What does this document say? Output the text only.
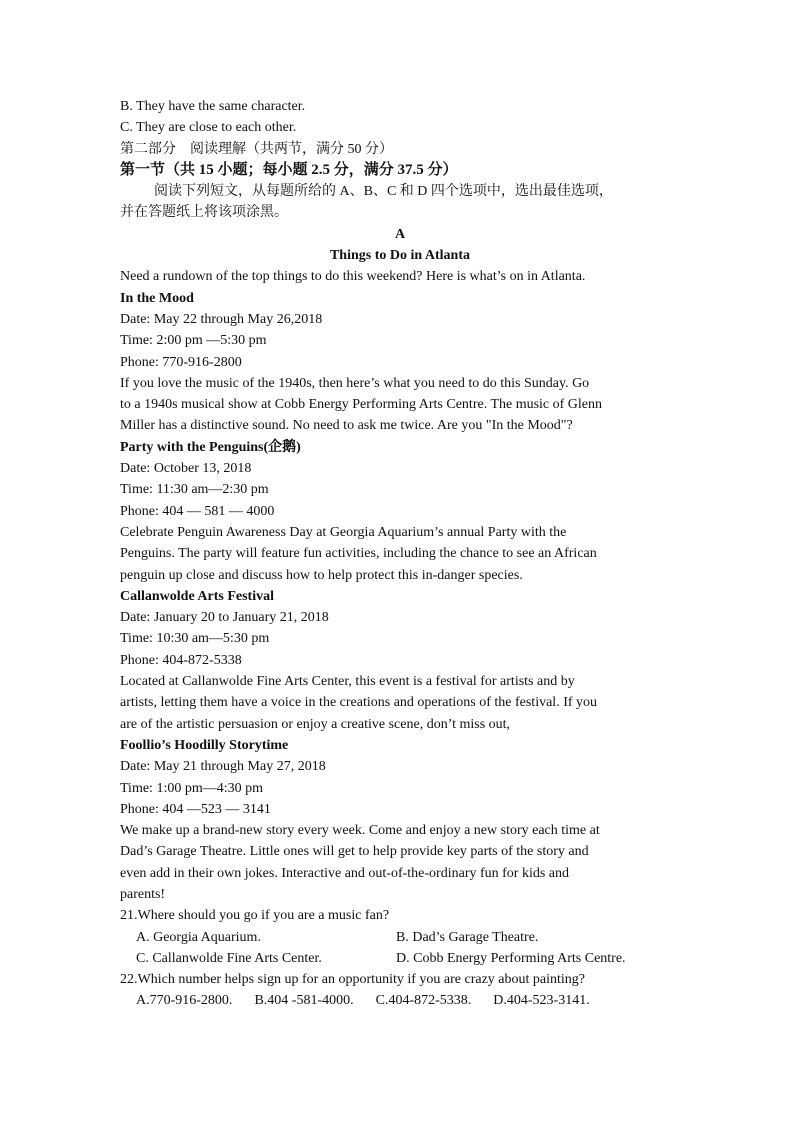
B. They have the same character.
C. They are close to each other.
第二部分　阅读理解（共两节，满分 50 分）
第一节（共 15 小题；每小题 2.5 分，满分 37.5 分）
阅读下列短文，从每题所给的 A、B、C 和 D 四个选项中，选出最佳选项，
并在答题纸上将该项涂黑。
A
Things to Do in Atlanta
Need a rundown of the top things to do this weekend? Here is what’s on in Atlanta.
In the Mood
Date: May 22 through May 26,2018
Time: 2:00 pm —5:30 pm
Phone: 770-916-2800
If you love the music of the 1940s, then here’s what you need to do this Sunday. Go
to a 1940s musical show at Cobb Energy Performing Arts Centre. The music of Glenn
Miller has a distinctive sound. No need to ask me twice. Are you "In the Mood"?
Party with the Penguins(企鹅)
Date: October 13, 2018
Time: 11:30 am—2:30 pm
Phone: 404 — 581 — 4000
Celebrate Penguin Awareness Day at Georgia Aquarium’s annual Party with the
Penguins. The party will feature fun activities, including the chance to see an African
penguin up close and discuss how to help protect this in-danger species.
Callanwolde Arts Festival
Date: January 20 to January 21, 2018
Time: 10:30 am—5:30 pm
Phone: 404-872-5338
Located at Callanwolde Fine Arts Center, this event is a festival for artists and by
artists, letting them have a voice in the creations and operations of the festival. If you
are of the artistic persuasion or enjoy a creative scene, don’t miss out,
Foollio’s Hoodilly Storytime
Date: May 21 through May 27, 2018
Time: 1:00 pm—4:30 pm
Phone: 404 —523 — 3141
We make up a brand-new story every week. Come and enjoy a new story each time at
Dad’s Garage Theatre. Little ones will get to help provide key parts of the story and
even add in their own jokes. Interactive and out-of-the-ordinary fun for kids and
parents!
21.Where should you go if you are a music fan?
A. Georgia Aquarium.	B. Dad’s Garage Theatre.
C. Callanwolde Fine Arts Center.	D. Cobb Energy Performing Arts Centre.
22.Which number helps sign up for an opportunity if you are crazy about painting?
A.770-916-2800. B.404 -581-4000. C.404-872-5338. D.404-523-3141.
